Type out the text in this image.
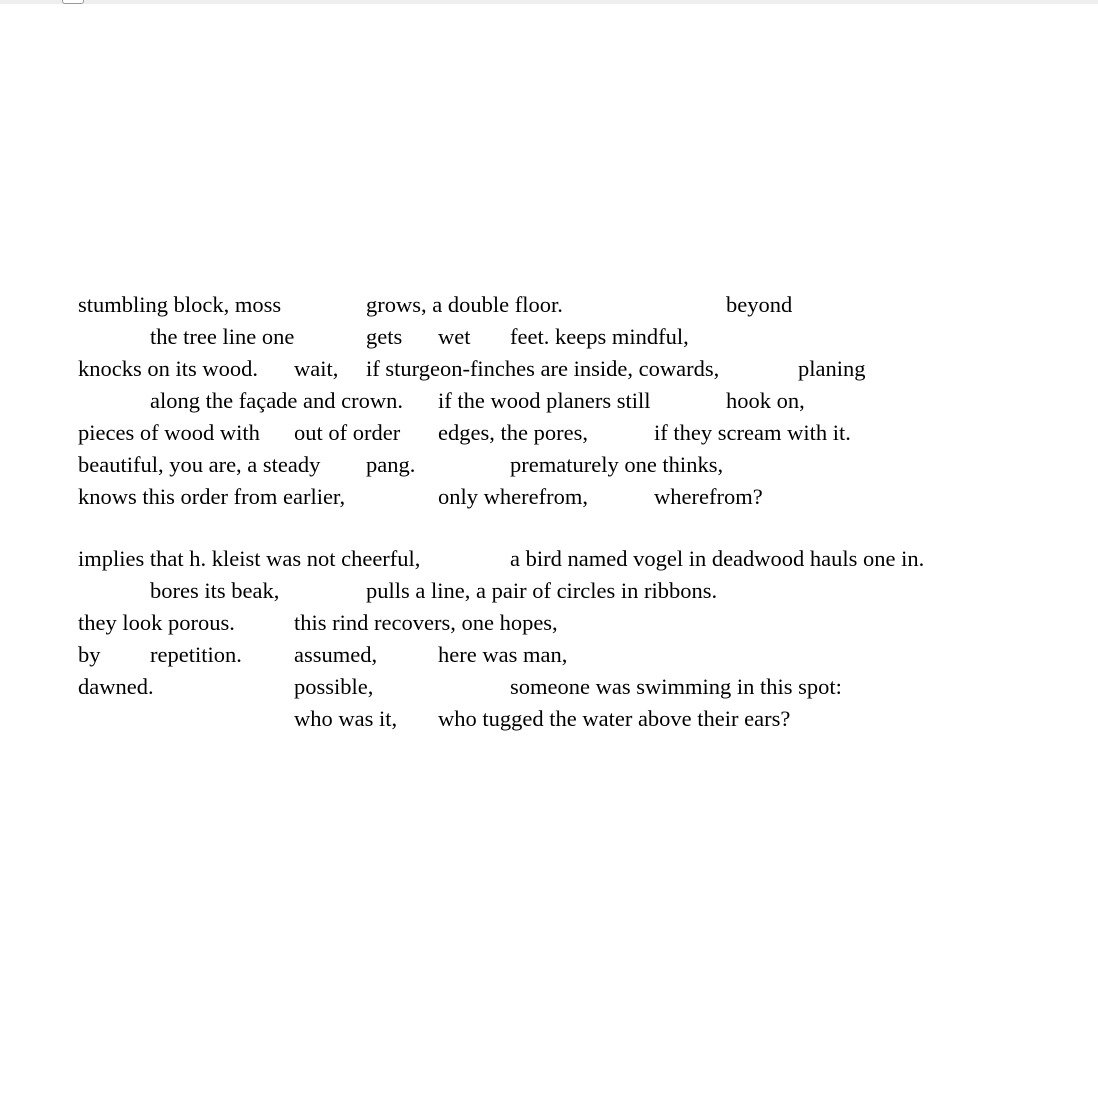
stumbling block, moss	grows, a double floor.	beyond
the tree line one	gets wet feet. keeps mindful,
knocks on its wood. wait, if sturgeon-finches are inside, cowards,	planing
along the façade and crown. if the wood planers still	hook on,
pieces of wood with out of order edges, the pores,	if they scream with it.
beautiful, you are, a steady pang.	prematurely one thinks,
knows this order from earlier,	only wherefrom,	wherefrom?
implies that h. kleist was not cheerful,	a bird named vogel in deadwood hauls one in.
bores its beak,	pulls a line, a pair of circles in ribbons.
they look porous.	this rind recovers, one hopes,
by repetition. assumed,	here was man,
dawned.	possible,	someone was swimming in this spot:
who was it, who tugged the water above their ears?
